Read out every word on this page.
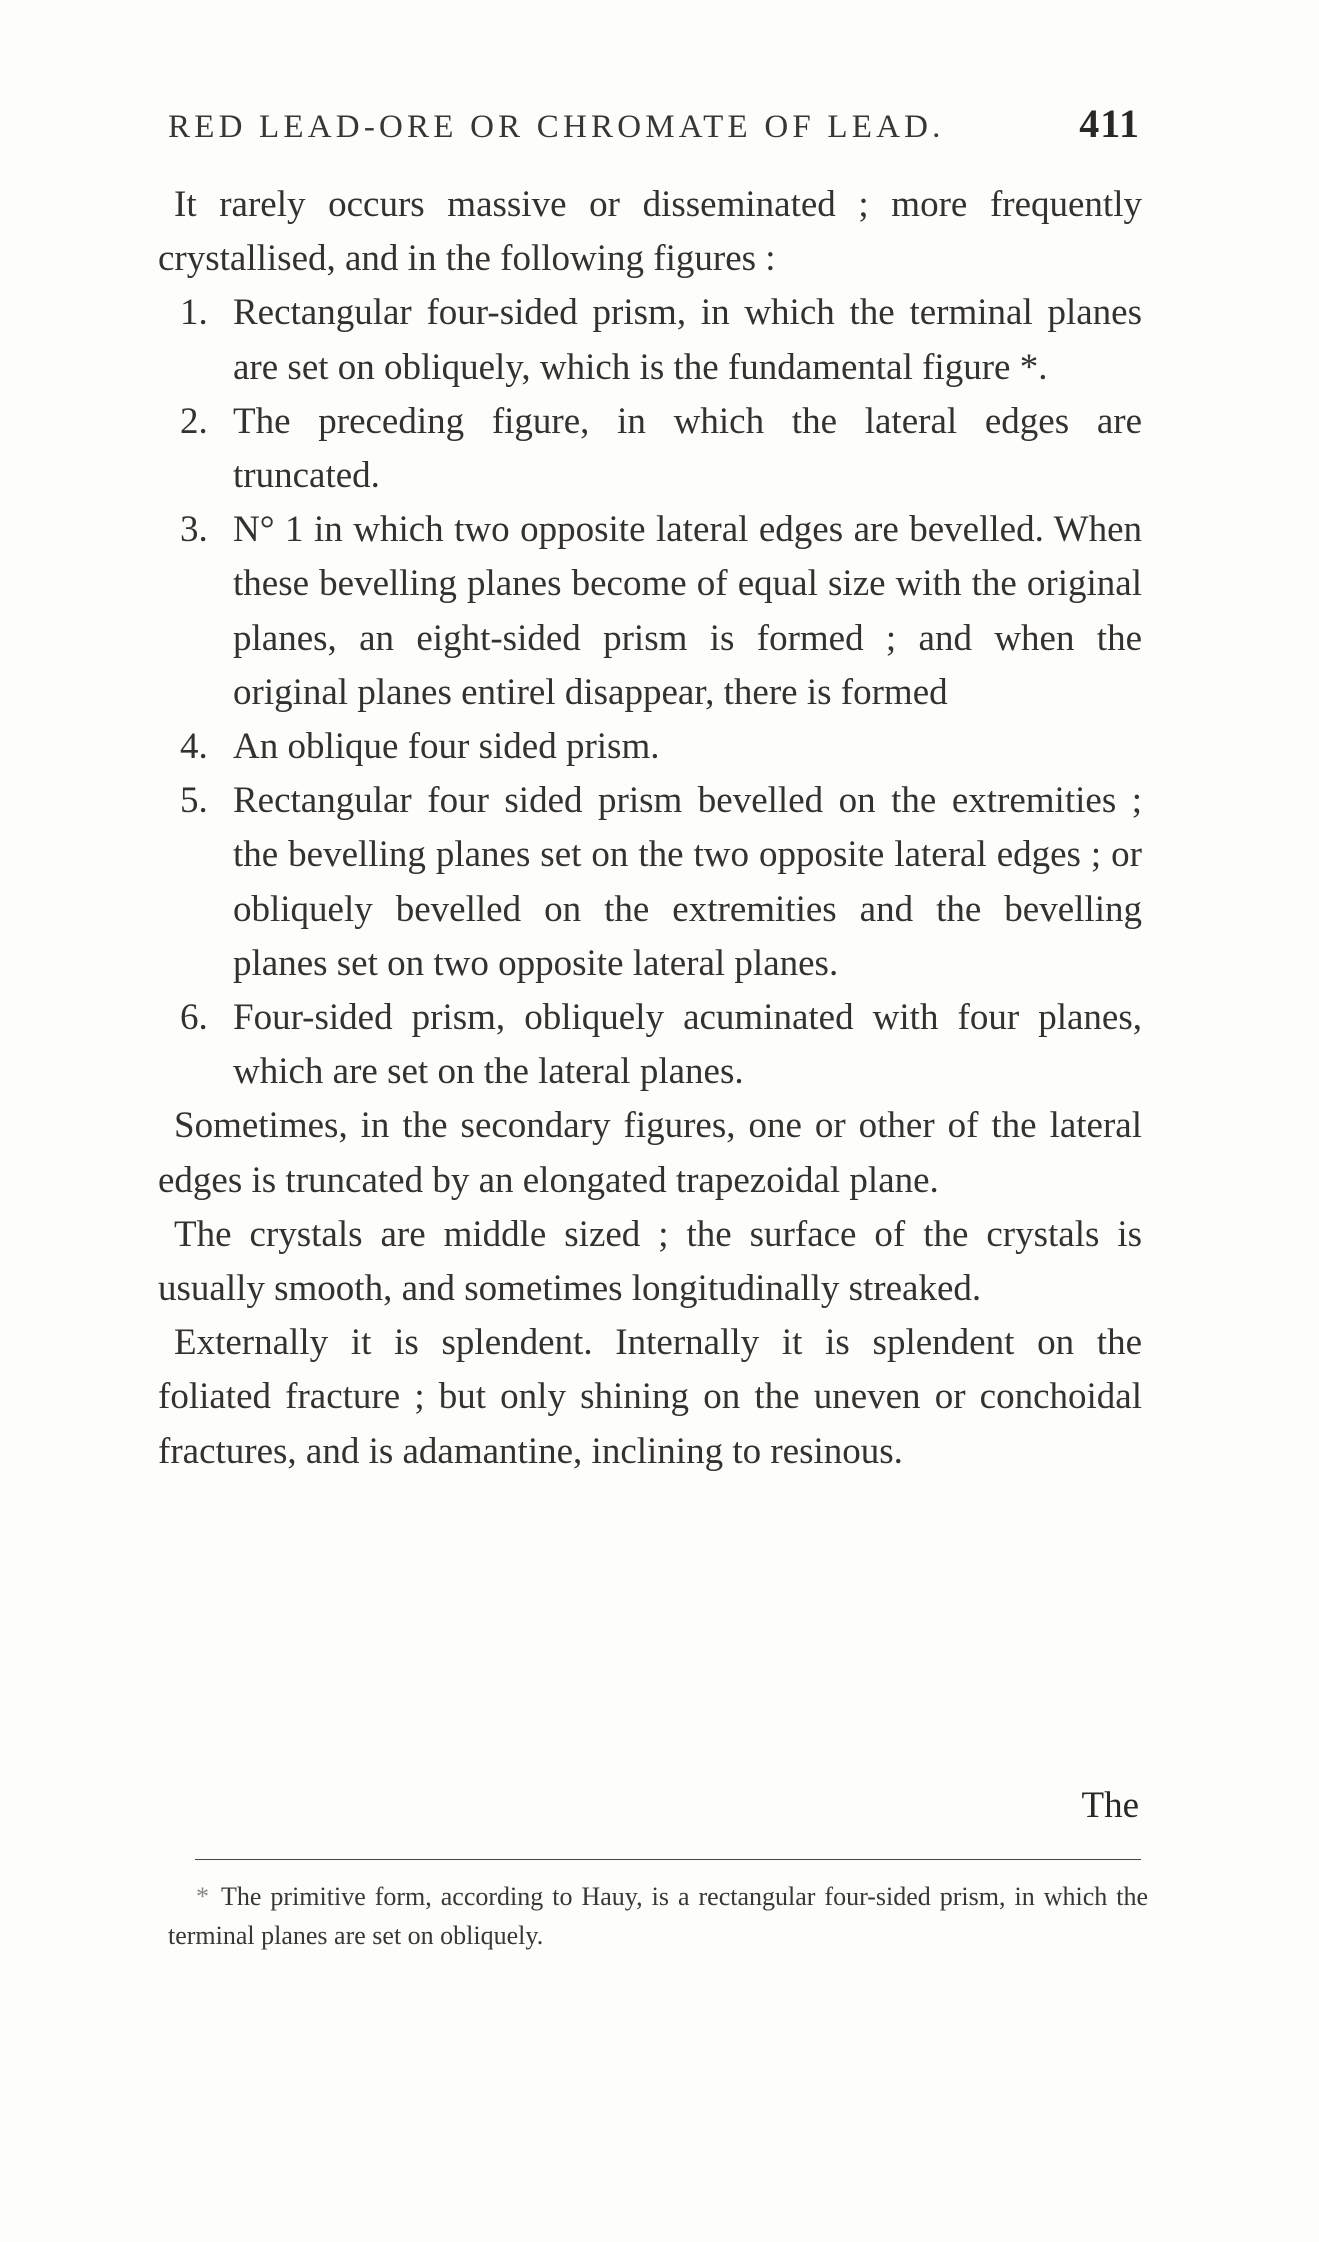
RED LEAD-ORE OR CHROMATE OF LEAD.	411

It rarely occurs massive or disseminated ; more frequently crystallised, and in the following figures :

1. Rectangular four-sided prism, in which the terminal planes are set on obliquely, which is the fundamental figure *.
2. The preceding figure, in which the lateral edges are truncated.
3. N° 1 in which two opposite lateral edges are bevelled. When these bevelling planes become of equal size with the original planes, an eight-sided prism is formed ; and when the original planes entirel disappear, there is formed
4. An oblique four sided prism.
5. Rectangular four sided prism bevelled on the extremities ; the bevelling planes set on the two opposite lateral edges ; or obliquely bevelled on the extremities and the bevelling planes set on two opposite lateral planes.
6. Four-sided prism, obliquely acuminated with four planes, which are set on the lateral planes.

Sometimes, in the secondary figures, one or other of the lateral edges is truncated by an elongated trapezoidal plane.

The crystals are middle sized ; the surface of the crystals is usually smooth, and sometimes longitudinally streaked.

Externally it is splendent. Internally it is splendent on the foliated fracture ; but only shining on the uneven or conchoidal fractures, and is adamantine, inclining to resinous.

The
* The primitive form, according to Hauy, is a rectangular four-sided prism, in which the terminal planes are set on obliquely.
